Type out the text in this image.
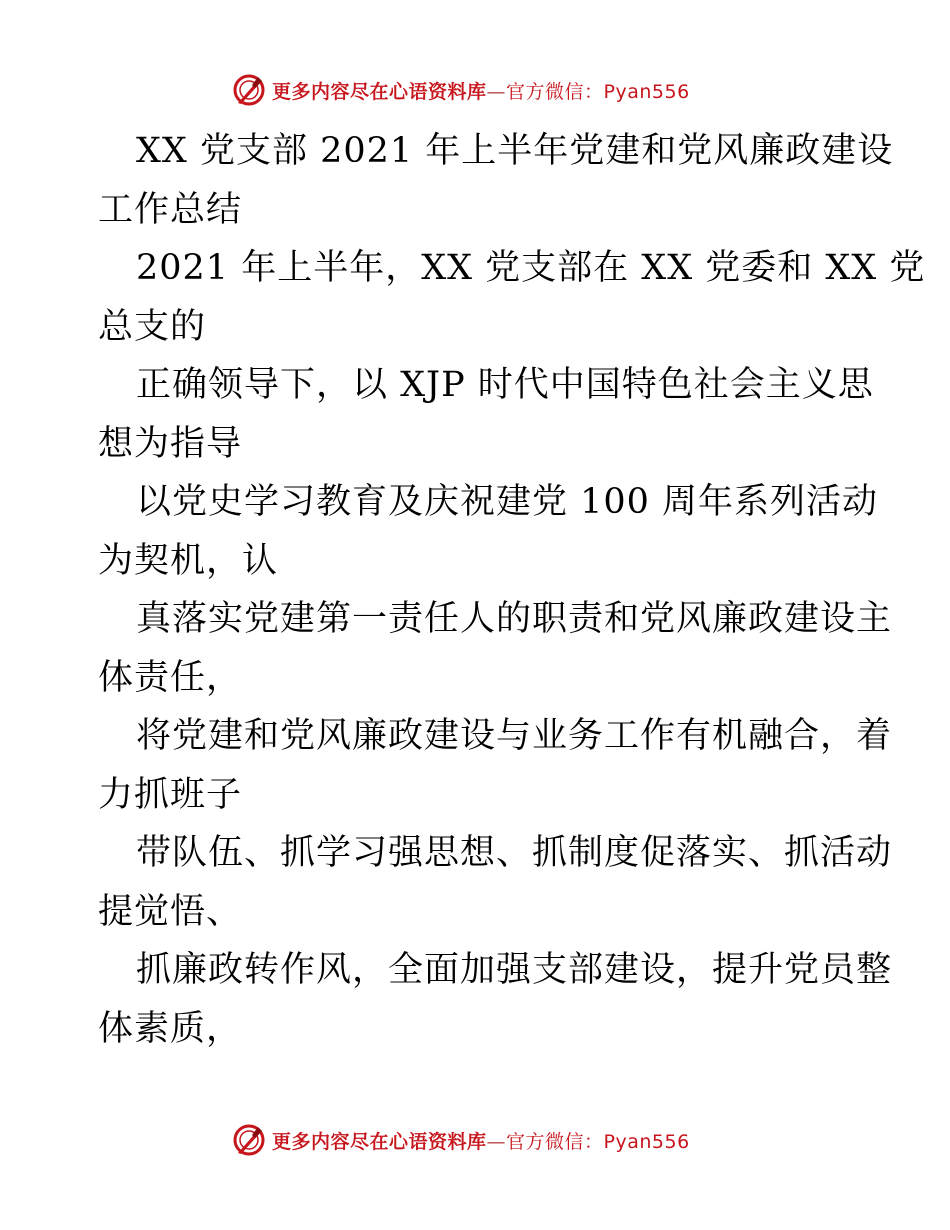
更多内容尽在心语资料库—官方微信：Pyan556
XX 党支部 2021 年上半年党建和党风廉政建设
工作总结
2021 年上半年，XX 党支部在 XX 党委和 XX 党
总支的
正确领导下，以 XJP 时代中国特色社会主义思
想为指导
以党史学习教育及庆祝建党 100 周年系列活动
为契机，认
真落实党建第一责任人的职责和党风廉政建设主
体责任，
将党建和党风廉政建设与业务工作有机融合，着
力抓班子
带队伍、抓学习强思想、抓制度促落实、抓活动
提觉悟、
抓廉政转作风，全面加强支部建设，提升党员整
体素质，
更多内容尽在心语资料库—官方微信：Pyan556
